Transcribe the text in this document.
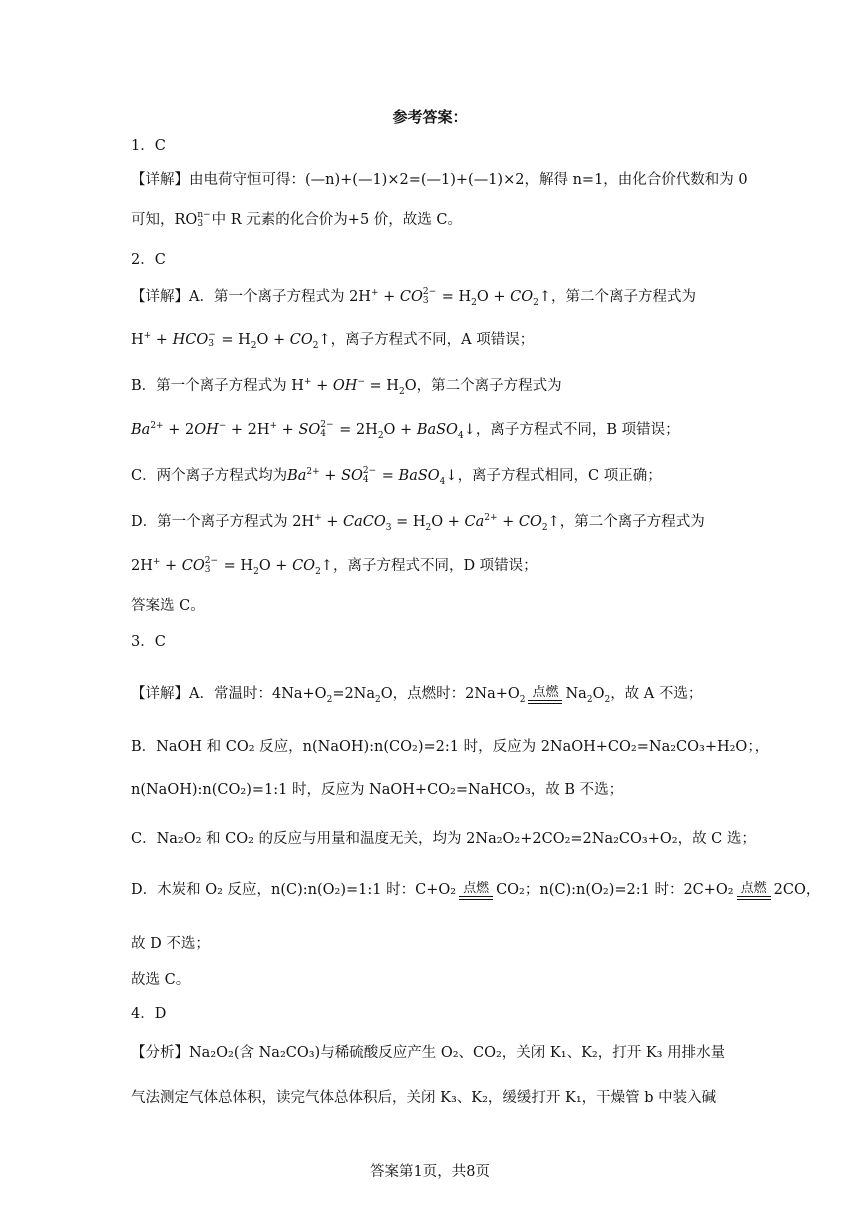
参考答案：
1．C
【详解】由电荷守恒可得：(—n)+(—1)×2=(—1)+(—1)×2，解得 n=1，由化合价代数和为 0
可知，RO n−
3 中 R 元素的化合价为+5 价，故选 C。
2．C
【详解】A．第一个离子方程式为 2H+ + CO 2−
$3 = H_2O$ + $CO_2↑$，第二个离子方程式为
H+ + HCO −
$3 = H_2O$ + $CO_2↑$，离子方程式不同，A 项错误；
B．第一个离子方程式为 $H^+ + OH^- = H_2O$，第二个离子方程式为
$Ba^{2+} + 2OH^- + 2H^+$ + SO 2−
$4 = 2H_2O$ + BaSO$_4$↓，离子方程式不同，B 项错误；
C．两个离子方程式均为$Ba^{2+}$ + SO 2−
4 = BaSO$_4$↓，离子方程式相同，C 项正确；
D．第一个离子方程式为 2H+ + CaCO$_3$ = $H_2O + Ca^{2+}$ + $CO_2↑$，第二个离子方程式为
2H+ + CO 2−
$3 = H_2O$ + $CO_2↑$，离子方程式不同，D 项错误；
答案选 C。
3．C
【详解】A．常温时：$4Na+O_2=2Na_2O$，点燃时：$2Na+O_2$ 点燃 $Na_2O_2$，故 A 不选；
B．NaOH 和 CO₂ 反应，n(NaOH):n(CO₂)=2:1 时，反应为 2NaOH+CO₂=Na₂CO₃+H₂O；，
n(NaOH):n(CO₂)=1:1 时，反应为 NaOH+CO₂=NaHCO₃，故 B 不选；
C．Na₂O₂ 和 CO₂ 的反应与用量和温度无关，均为 2Na₂O₂+2CO₂=2Na₂CO₃+O₂，故 C 选；
D．木炭和 O₂ 反应，n(C):n(O₂)=1:1 时：C+O₂ 点燃 CO₂；n(C):n(O₂)=2:1 时：2C+O₂ 点燃 2CO，
故 D 不选；
故选 C。
4．D
【分析】Na₂O₂(含 Na₂CO₃)与稀硫酸反应产生 O₂、CO₂，关闭 K₁、K₂，打开 K₃ 用排水量
气法测定气体总体积，读完气体总体积后，关闭 K₃、K₂，缓缓打开 K₁，干燥管 b 中装入碱
答案第1页，共8页
